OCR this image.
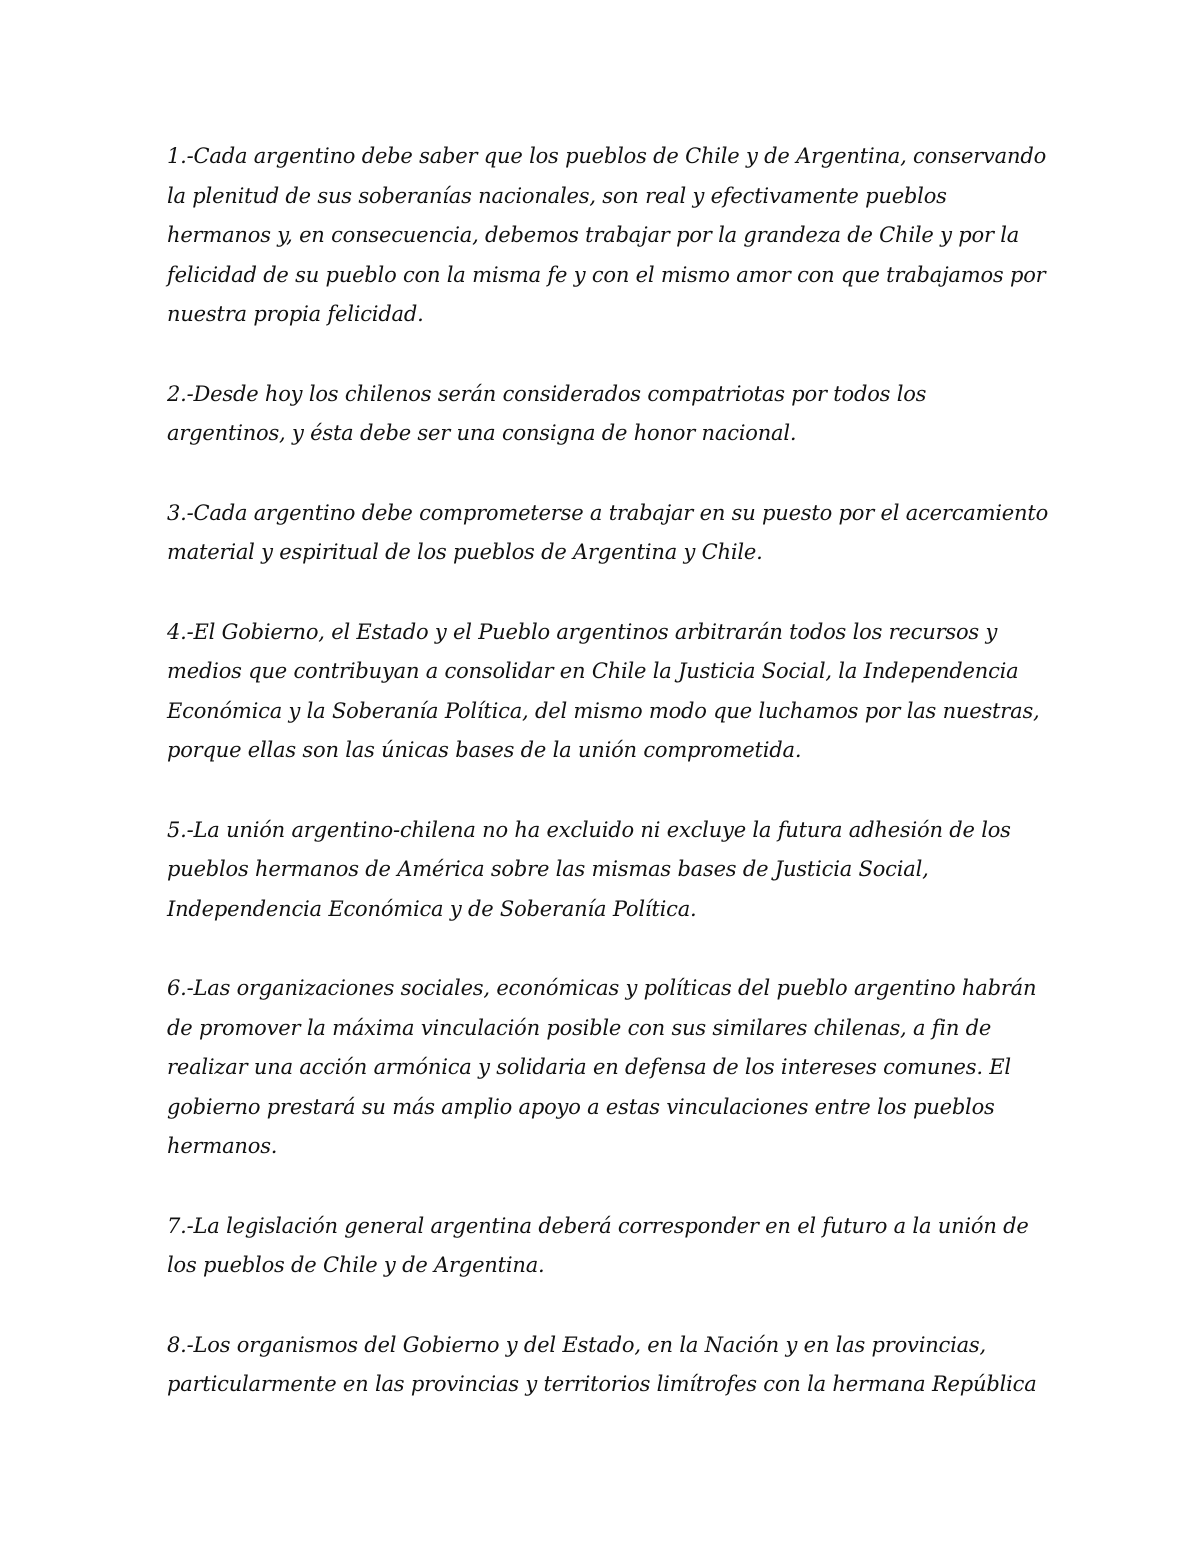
1.-Cada argentino debe saber que los pueblos de Chile y de Argentina, conservando
la plenitud de sus soberanías nacionales, son real y efectivamente pueblos
hermanos y, en consecuencia, debemos trabajar por la grandeza de Chile y por la
felicidad de su pueblo con la misma fe y con el mismo amor con que trabajamos por
nuestra propia felicidad.

2.-Desde hoy los chilenos serán considerados compatriotas por todos los
argentinos, y ésta debe ser una consigna de honor nacional.

3.-Cada argentino debe comprometerse a trabajar en su puesto por el acercamiento
material y espiritual de los pueblos de Argentina y Chile.

4.-El Gobierno, el Estado y el Pueblo argentinos arbitrarán todos los recursos y
medios que contribuyan a consolidar en Chile la Justicia Social, la Independencia
Económica y la Soberanía Política, del mismo modo que luchamos por las nuestras,
porque ellas son las únicas bases de la unión comprometida.

5.-La unión argentino-chilena no ha excluido ni excluye la futura adhesión de los
pueblos hermanos de América sobre las mismas bases de Justicia Social,
Independencia Económica y de Soberanía Política.

6.-Las organizaciones sociales, económicas y políticas del pueblo argentino habrán
de promover la máxima vinculación posible con sus similares chilenas, a fin de
realizar una acción armónica y solidaria en defensa de los intereses comunes. El
gobierno prestará su más amplio apoyo a estas vinculaciones entre los pueblos
hermanos.

7.-La legislación general argentina deberá corresponder en el futuro a la unión de
los pueblos de Chile y de Argentina.

8.-Los organismos del Gobierno y del Estado, en la Nación y en las provincias,
particularmente en las provincias y territorios limítrofes con la hermana República
